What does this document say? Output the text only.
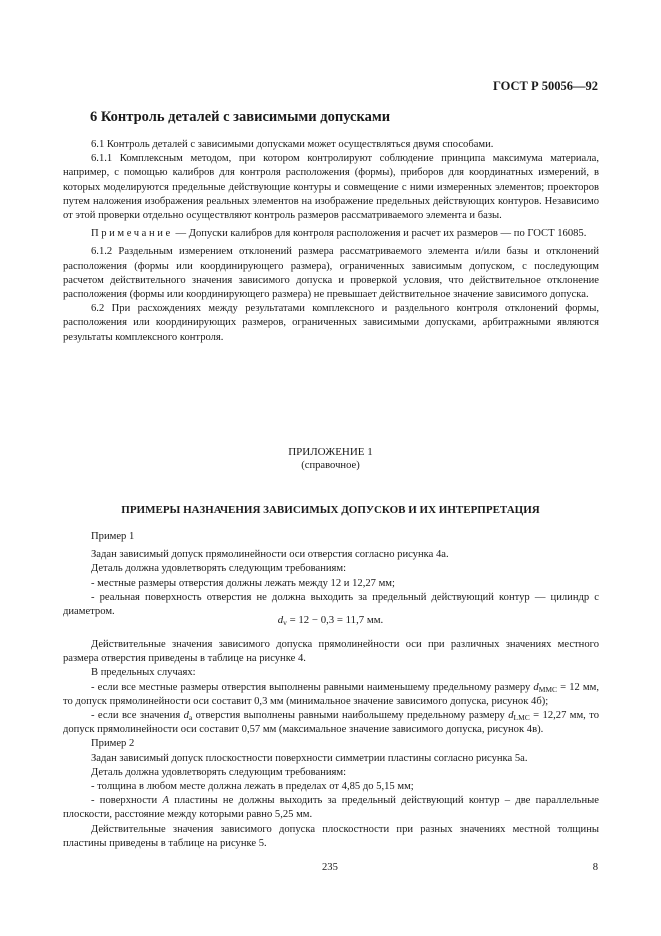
ГОСТ Р 50056—92
6 Контроль деталей с зависимыми допусками

6.1 Контроль деталей с зависимыми допусками может осуществляться двумя способами.

6.1.1 Комплексным методом, при котором контролируют соблюдение принципа максимума материала, например, с помощью калибров для контроля расположения (формы), приборов для координатных измерений, в которых моделируются предельные действующие контуры и совмещение с ними измеренных элементов; проекторов путем наложения изображения реальных элементов на изображение предельных действующих контуров. Независимо от этой проверки отдельно осуществляют контроль размеров рассматриваемого элемента и базы.

Примечание — Допуски калибров для контроля расположения и расчет их размеров — по ГОСТ 16085.

6.1.2 Раздельным измерением отклонений размера рассматриваемого элемента и/или базы и отклонений расположения (формы или координирующего размера), ограниченных зависимым допуском, с последующим расчетом действительного значения зависимого допуска и проверкой условия, что действительное отклонение расположения (формы или координирующего размера) не превышает действительное значение зависимого допуска.

6.2 При расхождениях между результатами комплексного и раздельного контроля отклонений формы, расположения или координирующих размеров, ограниченных зависимыми допусками, арбитражными являются результаты комплексного контроля.

ПРИЛОЖЕНИЕ 1
(справочное)
ПРИМЕРЫ НАЗНАЧЕНИЯ ЗАВИСИМЫХ ДОПУСКОВ И ИХ ИНТЕРПРЕТАЦИЯ

Пример 1

Задан зависимый допуск прямолинейности оси отверстия согласно рисунка 4а.

Деталь должна удовлетворять следующим требованиям:

- местные размеры отверстия должны лежать между 12 и 12,27 мм;

- реальная поверхность отверстия не должна выходить за предельный действующий контур — цилиндр с диаметром.

$d_v = 12 - 0,3 = 11,7$ мм.

Действительные значения зависимого допуска прямолинейности оси при различных значениях местного размера отверстия приведены в таблице на рисунке 4.

В предельных случаях:

- если все местные размеры отверстия выполнены равными наименьшему предельному размеру $d_{MMC} = 12$ мм, то допуск прямолинейности оси составит 0,3 мм (минимальное значение зависимого допуска, рисунок 4б);

- если все значения $d_a$ отверстия выполнены равными наибольшему предельному размеру $d_{LMC} = 12,27$ мм, то допуск прямолинейности оси составит 0,57 мм (максимальное значение зависимого допуска, рисунок 4в).

Пример 2

Задан зависимый допуск плоскостности поверхности симметрии пластины согласно рисунка 5а.

Деталь должна удовлетворять следующим требованиям:

- толщина в любом месте должна лежать в пределах от 4,85 до 5,15 мм;

- поверхности А пластины не должны выходить за предельный действующий контур – две параллельные плоскости, расстояние между которыми равно 5,25 мм.

Действительные значения зависимого допуска плоскостности при разных значениях местной толщины пластины приведены в таблице на рисунке 5.

235	8
